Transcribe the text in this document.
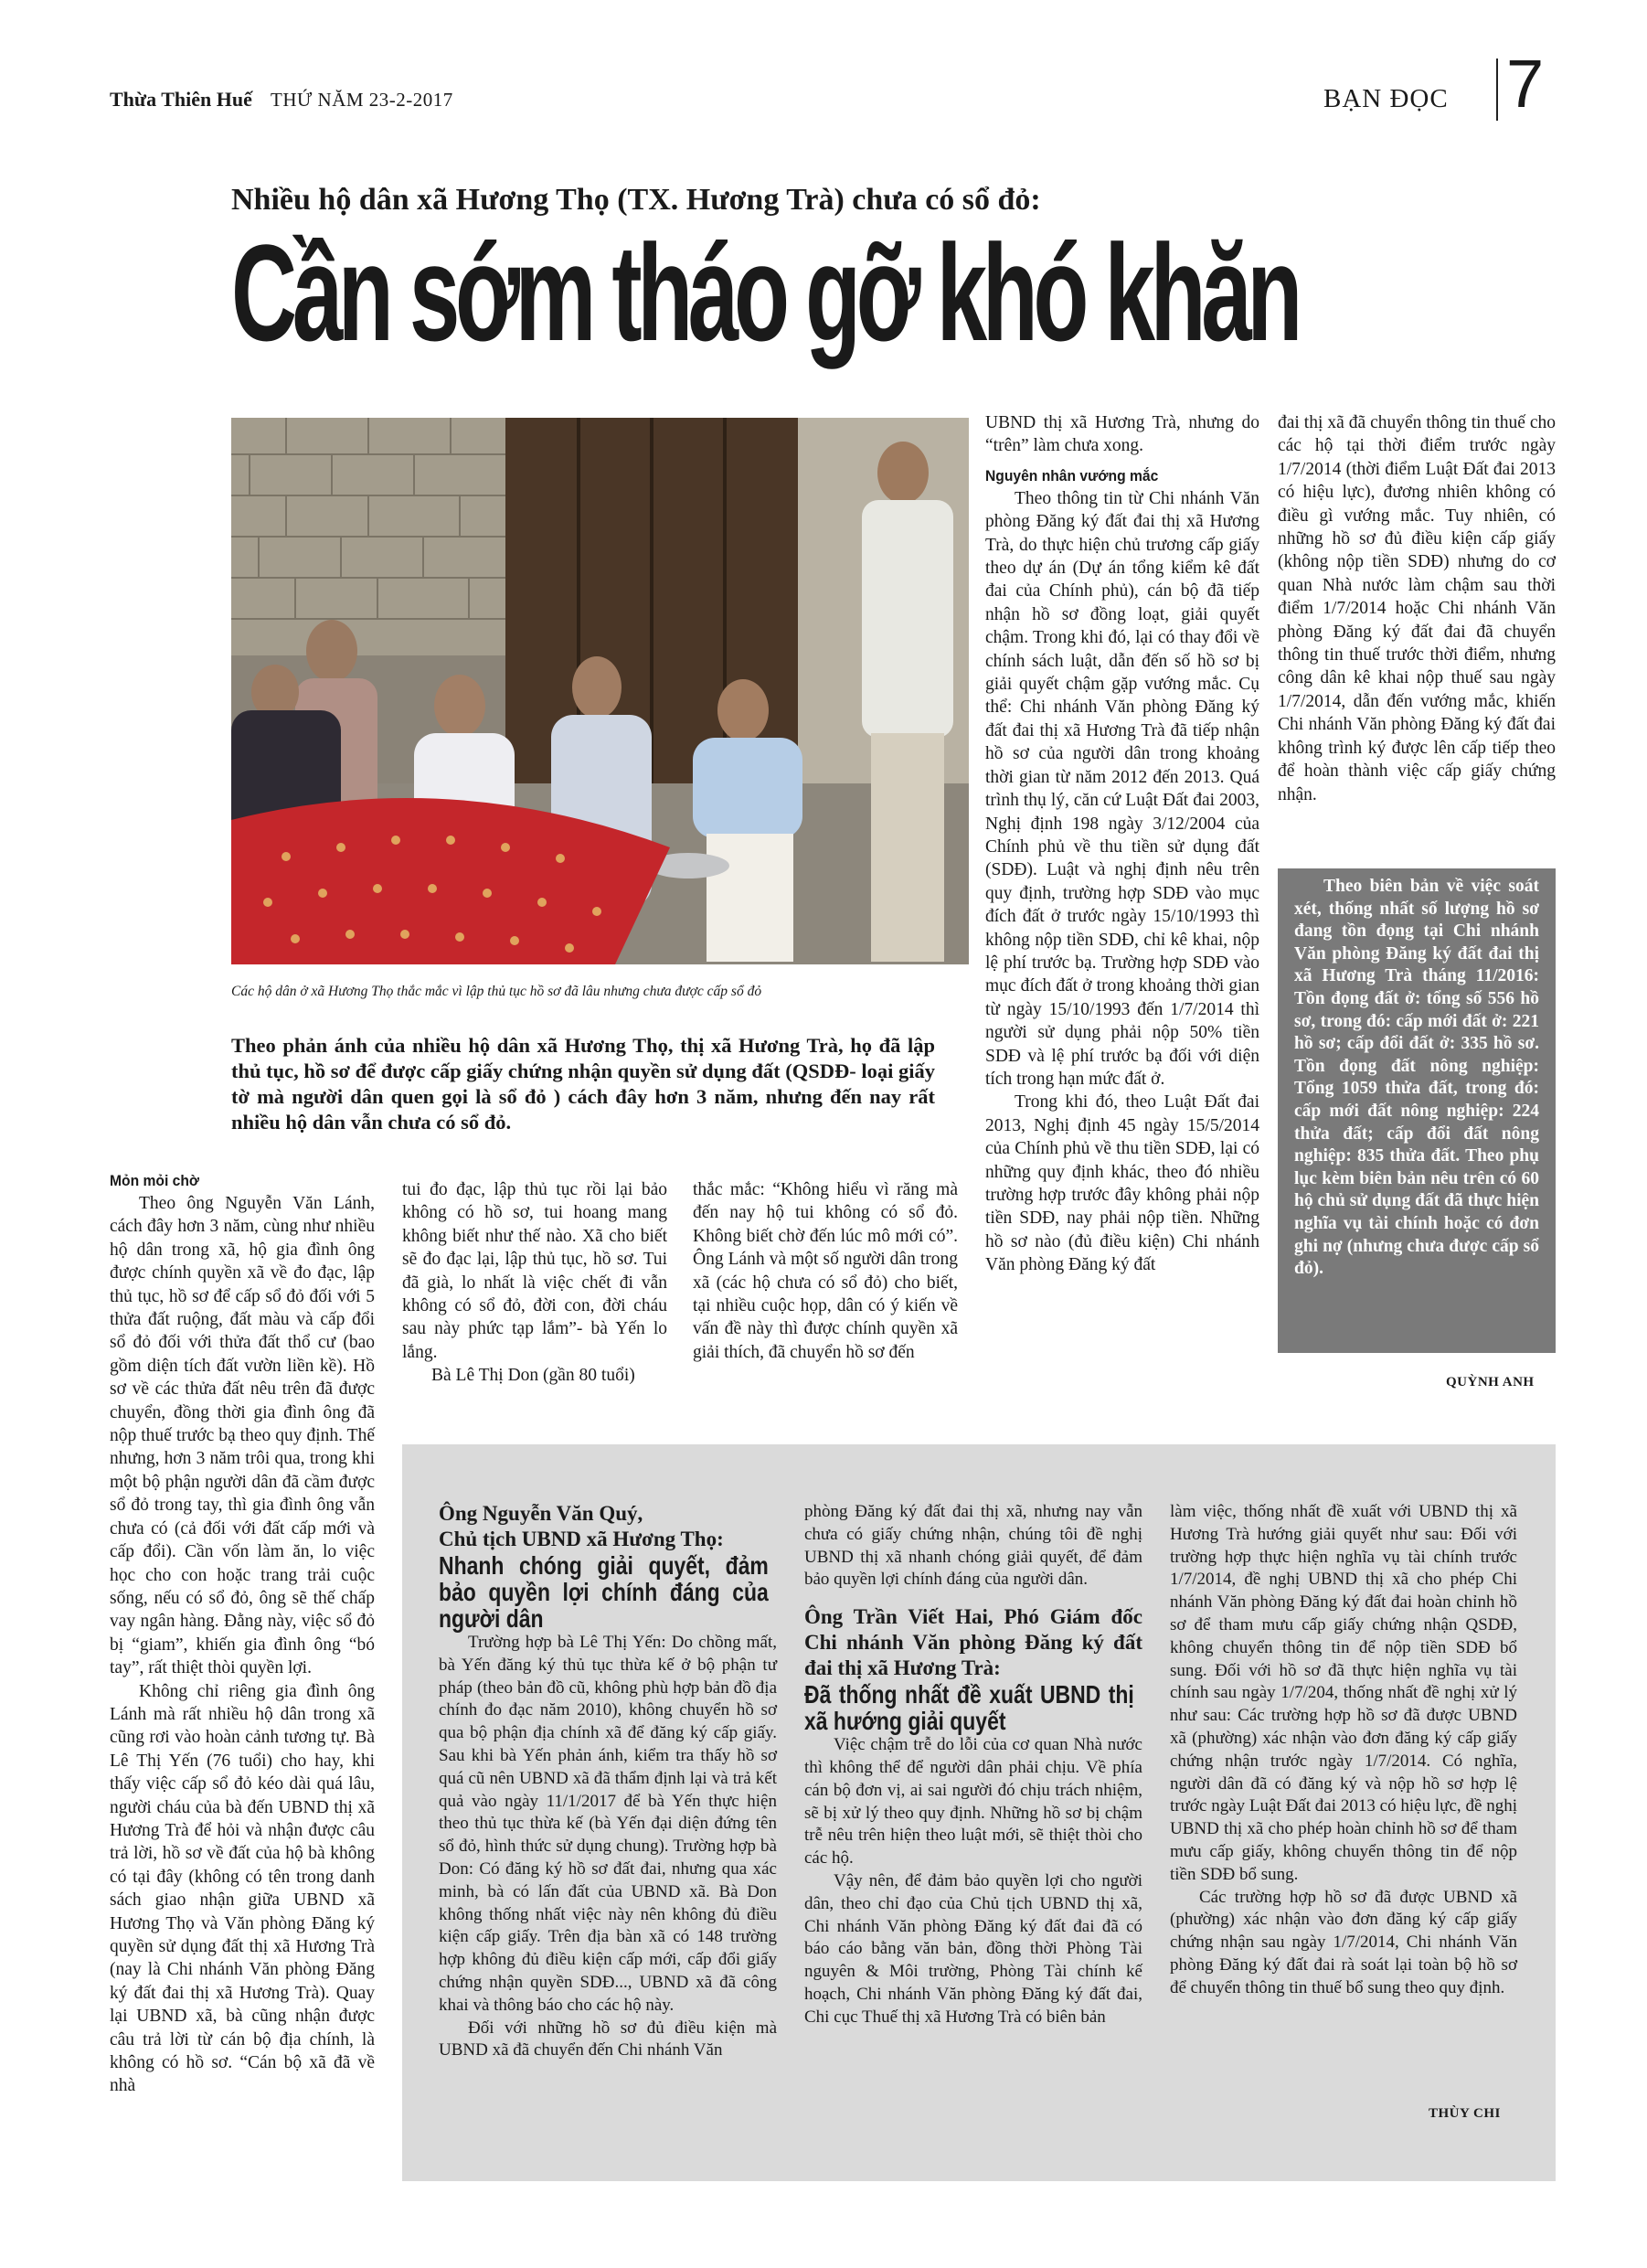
Thừa Thiên Huế THỨ NĂM 23-2-2017	BẠN ĐỌC 7
Nhiều hộ dân xã Hương Thọ (TX. Hương Trà) chưa có sổ đỏ:
Cần sớm tháo gỡ khó khăn
Các hộ dân ở xã Hương Thọ thắc mắc vì lập thủ tục hồ sơ đã lâu nhưng chưa được cấp sổ đỏ
Theo phản ánh của nhiều hộ dân xã Hương Thọ, thị xã Hương Trà, họ đã lập thủ tục, hồ sơ để được cấp giấy chứng nhận quyền sử dụng đất (QSDĐ- loại giấy tờ mà người dân quen gọi là sổ đỏ ) cách đây hơn 3 năm, nhưng đến nay rất nhiều hộ dân vẫn chưa có sổ đỏ.
Mỏn mỏi chờ

Theo ông Nguyễn Văn Lánh, cách đây hơn 3 năm, cùng như nhiều hộ dân trong xã, hộ gia đình ông được chính quyền xã về đo đạc, lập thủ tục, hồ sơ để cấp sổ đỏ đối với 5 thửa đất ruộng, đất màu và cấp đổi sổ đỏ đối với thửa đất thổ cư (bao gồm diện tích đất vườn liền kề). Hồ sơ về các thửa đất nêu trên đã được chuyển, đồng thời gia đình ông đã nộp thuế trước bạ theo quy định. Thế nhưng, hơn 3 năm trôi qua, trong khi một bộ phận người dân đã cầm được sổ đỏ trong tay, thì gia đình ông vẫn chưa có (cả đối với đất cấp mới và cấp đổi). Cần vốn làm ăn, lo việc học cho con hoặc trang trải cuộc sống, nếu có sổ đỏ, ông sẽ thế chấp vay ngân hàng. Đằng này, việc sổ đỏ bị “giam”, khiến gia đình ông “bó tay”, rất thiệt thòi quyền lợi.

Không chỉ riêng gia đình ông Lánh mà rất nhiều hộ dân trong xã cũng rơi vào hoàn cảnh tương tự. Bà Lê Thị Yến (76 tuổi) cho hay, khi thấy việc cấp sổ đỏ kéo dài quá lâu, người cháu của bà đến UBND thị xã Hương Trà để hỏi và nhận được câu trả lời, hồ sơ về đất của hộ bà không có tại đây (không có tên trong danh sách giao nhận giữa UBND xã Hương Thọ và Văn phòng Đăng ký quyền sử dụng đất thị xã Hương Trà (nay là Chi nhánh Văn phòng Đăng ký đất đai thị xã Hương Trà). Quay lại UBND xã, bà cũng nhận được câu trả lời từ cán bộ địa chính, là không có hồ sơ. “Cán bộ xã đã về nhà

tui đo đạc, lập thủ tục rồi lại bảo không có hồ sơ, tui hoang mang không biết như thế nào. Xã cho biết sẽ đo đạc lại, lập thủ tục, hồ sơ. Tui đã già, lo nhất là việc chết đi vẫn không có sổ đỏ, đời con, đời cháu sau này phức tạp lắm”- bà Yến lo lắng.

Bà Lê Thị Don (gần 80 tuổi)

thắc mắc: “Không hiểu vì răng mà đến nay hộ tui không có sổ đỏ. Không biết chờ đến lúc mô mới có”. Ông Lánh và một số người dân trong xã (các hộ chưa có sổ đỏ) cho biết, tại nhiều cuộc họp, dân có ý kiến về vấn đề này thì được chính quyền xã giải thích, đã chuyển hồ sơ đến

UBND thị xã Hương Trà, nhưng do “trên” làm chưa xong.

Nguyên nhân vướng mắc

Theo thông tin từ Chi nhánh Văn phòng Đăng ký đất đai thị xã Hương Trà, do thực hiện chủ trương cấp giấy theo dự án (Dự án tổng kiểm kê đất đai của Chính phủ), cán bộ đã tiếp nhận hồ sơ đồng loạt, giải quyết chậm. Trong khi đó, lại có thay đổi về chính sách luật, dẫn đến số hồ sơ bị giải quyết chậm gặp vướng mắc. Cụ thể: Chi nhánh Văn phòng Đăng ký đất đai thị xã Hương Trà đã tiếp nhận hồ sơ của người dân trong khoảng thời gian từ năm 2012 đến 2013. Quá trình thụ lý, căn cứ Luật Đất đai 2003, Nghị định 198 ngày 3/12/2004 của Chính phủ về thu tiền sử dụng đất (SDĐ). Luật và nghị định nêu trên quy định, trường hợp SDĐ vào mục đích đất ở trước ngày 15/10/1993 thì không nộp tiền SDĐ, chỉ kê khai, nộp lệ phí trước bạ. Trường hợp SDĐ vào mục đích đất ở trong khoảng thời gian từ ngày 15/10/1993 đến 1/7/2014 thì người sử dụng phải nộp 50% tiền SDĐ và lệ phí trước bạ đối với diện tích trong hạn mức đất ở.

Trong khi đó, theo Luật Đất đai 2013, Nghị định 45 ngày 15/5/2014 của Chính phủ về thu tiền SDĐ, lại có những quy định khác, theo đó nhiều trường hợp trước đây không phải nộp tiền SDĐ, nay phải nộp tiền. Những hồ sơ nào (đủ điều kiện) Chi nhánh Văn phòng Đăng ký đất

đai thị xã đã chuyển thông tin thuế cho các hộ tại thời điểm trước ngày 1/7/2014 (thời điểm Luật Đất đai 2013 có hiệu lực), đương nhiên không có điều gì vướng mắc. Tuy nhiên, có những hồ sơ đủ điều kiện cấp giấy (không nộp tiền SDĐ) nhưng do cơ quan Nhà nước làm chậm sau thời điểm 1/7/2014 hoặc Chi nhánh Văn phòng Đăng ký đất đai đã chuyển thông tin thuế trước thời điểm, nhưng công dân kê khai nộp thuế sau ngày 1/7/2014, dẫn đến vướng mắc, khiến Chi nhánh Văn phòng Đăng ký đất đai không trình ký được lên cấp tiếp theo để hoàn thành việc cấp giấy chứng nhận.

Theo biên bản về việc soát xét, thống nhất số lượng hồ sơ đang tồn đọng tại Chi nhánh Văn phòng Đăng ký đất đai thị xã Hương Trà tháng 11/2016: Tồn đọng đất ở: tổng số 556 hồ sơ, trong đó: cấp mới đất ở: 221 hồ sơ; cấp đổi đất ở: 335 hồ sơ. Tồn đọng đất nông nghiệp: Tổng 1059 thửa đất, trong đó: cấp mới đất nông nghiệp: 224 thửa đất; cấp đổi đất nông nghiệp: 835 thửa đất. Theo phụ lục kèm biên bản nêu trên có 60 hộ chủ sử dụng đất đã thực hiện nghĩa vụ tài chính hoặc có đơn ghi nợ (nhưng chưa được cấp sổ đỏ).

QUỲNH ANH
Ông Nguyễn Văn Quý,
Chủ tịch UBND xã Hương Thọ:
Nhanh chóng giải quyết, đảm bảo quyền lợi chính đáng của người dân

Trường hợp bà Lê Thị Yến: Do chồng mất, bà Yến đăng ký thủ tục thừa kế ở bộ phận tư pháp (theo bản đồ cũ, không phù hợp bản đồ địa chính đo đạc năm 2010), không chuyển hồ sơ qua bộ phận địa chính xã để đăng ký cấp giấy. Sau khi bà Yến phản ánh, kiểm tra thấy hồ sơ quá cũ nên UBND xã đã thẩm định lại và trả kết quả vào ngày 11/1/2017 để bà Yến thực hiện theo thủ tục thừa kế (bà Yến đại diện đứng tên sổ đỏ, hình thức sử dụng chung). Trường hợp bà Don: Có đăng ký hồ sơ đất đai, nhưng qua xác minh, bà có lấn đất của UBND xã. Bà Don không thống nhất việc này nên không đủ điều kiện cấp giấy. Trên địa bàn xã có 148 trường hợp không đủ điều kiện cấp mới, cấp đổi giấy chứng nhận quyền SDĐ..., UBND xã đã công khai và thông báo cho các hộ này.

Đối với những hồ sơ đủ điều kiện mà UBND xã đã chuyển đến Chi nhánh Văn

phòng Đăng ký đất đai thị xã, nhưng nay vẫn chưa có giấy chứng nhận, chúng tôi đề nghị UBND thị xã nhanh chóng giải quyết, để đảm bảo quyền lợi chính đáng của người dân.

Ông Trần Viết Hai, Phó Giám đốc Chi nhánh Văn phòng Đăng ký đất đai thị xã Hương Trà:
Đã thống nhất đề xuất UBND thị xã hướng giải quyết

Việc chậm trễ do lỗi của cơ quan Nhà nước thì không thể để người dân phải chịu. Về phía cán bộ đơn vị, ai sai người đó chịu trách nhiệm, sẽ bị xử lý theo quy định. Những hồ sơ bị chậm trễ nêu trên hiện theo luật mới, sẽ thiệt thòi cho các hộ.

Vậy nên, để đảm bảo quyền lợi cho người dân, theo chỉ đạo của Chủ tịch UBND thị xã, Chi nhánh Văn phòng Đăng ký đất đai đã có báo cáo bằng văn bản, đồng thời Phòng Tài nguyên & Môi trường, Phòng Tài chính kế hoạch, Chi nhánh Văn phòng Đăng ký đất đai, Chi cục Thuế thị xã Hương Trà có biên bản

làm việc, thống nhất đề xuất với UBND thị xã Hương Trà hướng giải quyết như sau: Đối với trường hợp thực hiện nghĩa vụ tài chính trước 1/7/2014, đề nghị UBND thị xã cho phép Chi nhánh Văn phòng Đăng ký đất đai hoàn chỉnh hồ sơ để tham mưu cấp giấy chứng nhận QSDĐ, không chuyển thông tin để nộp tiền SDĐ bổ sung. Đối với hồ sơ đã thực hiện nghĩa vụ tài chính sau ngày 1/7/204, thống nhất đề nghị xử lý như sau: Các trường hợp hồ sơ đã được UBND xã (phường) xác nhận vào đơn đăng ký cấp giấy chứng nhận trước ngày 1/7/2014. Có nghĩa, người dân đã có đăng ký và nộp hồ sơ hợp lệ trước ngày Luật Đất đai 2013 có hiệu lực, đề nghị UBND thị xã cho phép hoàn chỉnh hồ sơ để tham mưu cấp giấy, không chuyển thông tin để nộp tiền SDĐ bổ sung.

Các trường hợp hồ sơ đã được UBND xã (phường) xác nhận vào đơn đăng ký cấp giấy chứng nhận sau ngày 1/7/2014, Chi nhánh Văn phòng Đăng ký đất đai rà soát lại toàn bộ hồ sơ để chuyển thông tin thuế bổ sung theo quy định.

THÙY CHI
